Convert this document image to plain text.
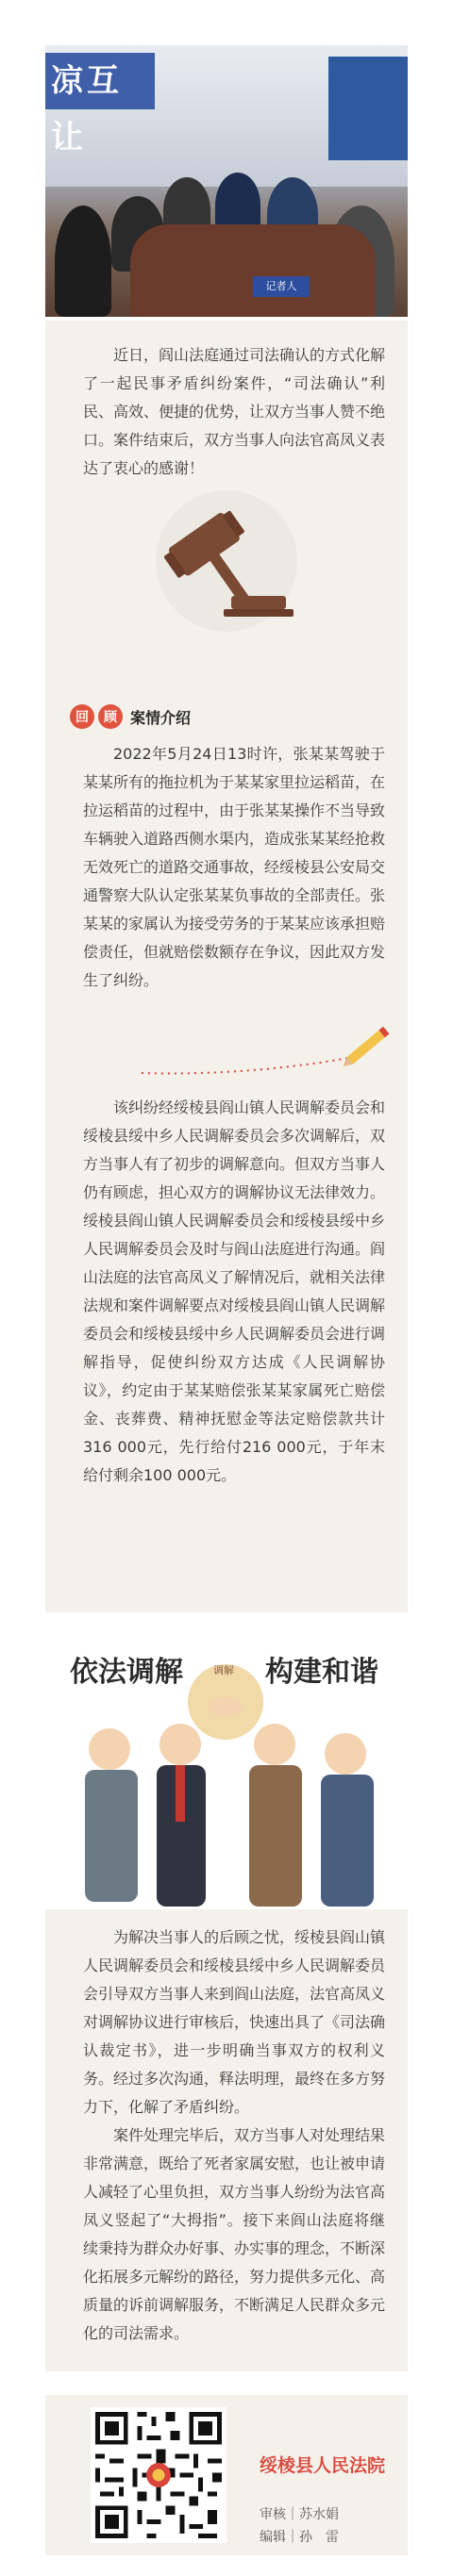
凉互让
记者人
近日，阎山法庭通过司法确认的方式化解了一起民事矛盾纠纷案件，“司法确认”利民、高效、便捷的优势，让双方当事人赞不绝口。案件结束后，双方当事人向法官高凤义表达了衷心的感谢！
回	顾 案情介绍
2022年5月24日13时许，张某某驾驶于某某所有的拖拉机为于某某家里拉运稻苗，在拉运稻苗的过程中，由于张某某操作不当导致车辆驶入道路西侧水渠内，造成张某某经抢救无效死亡的道路交通事故，经绥棱县公安局交通警察大队认定张某某负事故的全部责任。张某某的家属认为接受劳务的于某某应该承担赔偿责任，但就赔偿数额存在争议，因此双方发生了纠纷。
该纠纷经绥棱县阎山镇人民调解委员会和绥棱县绥中乡人民调解委员会多次调解后，双方当事人有了初步的调解意向。但双方当事人仍有顾虑，担心双方的调解协议无法律效力。绥棱县阎山镇人民调解委员会和绥棱县绥中乡人民调解委员会及时与阎山法庭进行沟通。阎山法庭的法官高凤义了解情况后，就相关法律法规和案件调解要点对绥棱县阎山镇人民调解委员会和绥棱县绥中乡人民调解委员会进行调解指导，促使纠纷双方达成《人民调解协议》，约定由于某某赔偿张某某家属死亡赔偿金、丧葬费、精神抚慰金等法定赔偿款共计316 000元，先行给付216 000元，于年末给付剩余100 000元。
依法调解	构建和谐
调解
为解决当事人的后顾之忧，绥棱县阎山镇人民调解委员会和绥棱县绥中乡人民调解委员会引导双方当事人来到阎山法庭，法官高凤义对调解协议进行审核后，快速出具了《司法确认裁定书》，进一步明确当事双方的权利义务。经过多次沟通，释法明理，最终在多方努力下，化解了矛盾纠纷。
案件处理完毕后，双方当事人对处理结果非常满意，既给了死者家属安慰，也让被申请人减轻了心里负担，双方当事人纷纷为法官高凤义竖起了“大拇指”。接下来阎山法庭将继续秉持为群众办好事、办实事的理念，不断深化拓展多元解纷的路径，努力提供多元化、高质量的诉前调解服务，不断满足人民群众多元化的司法需求。
绥棱县人民法院
审核｜苏水娟
编辑｜孙　雷
